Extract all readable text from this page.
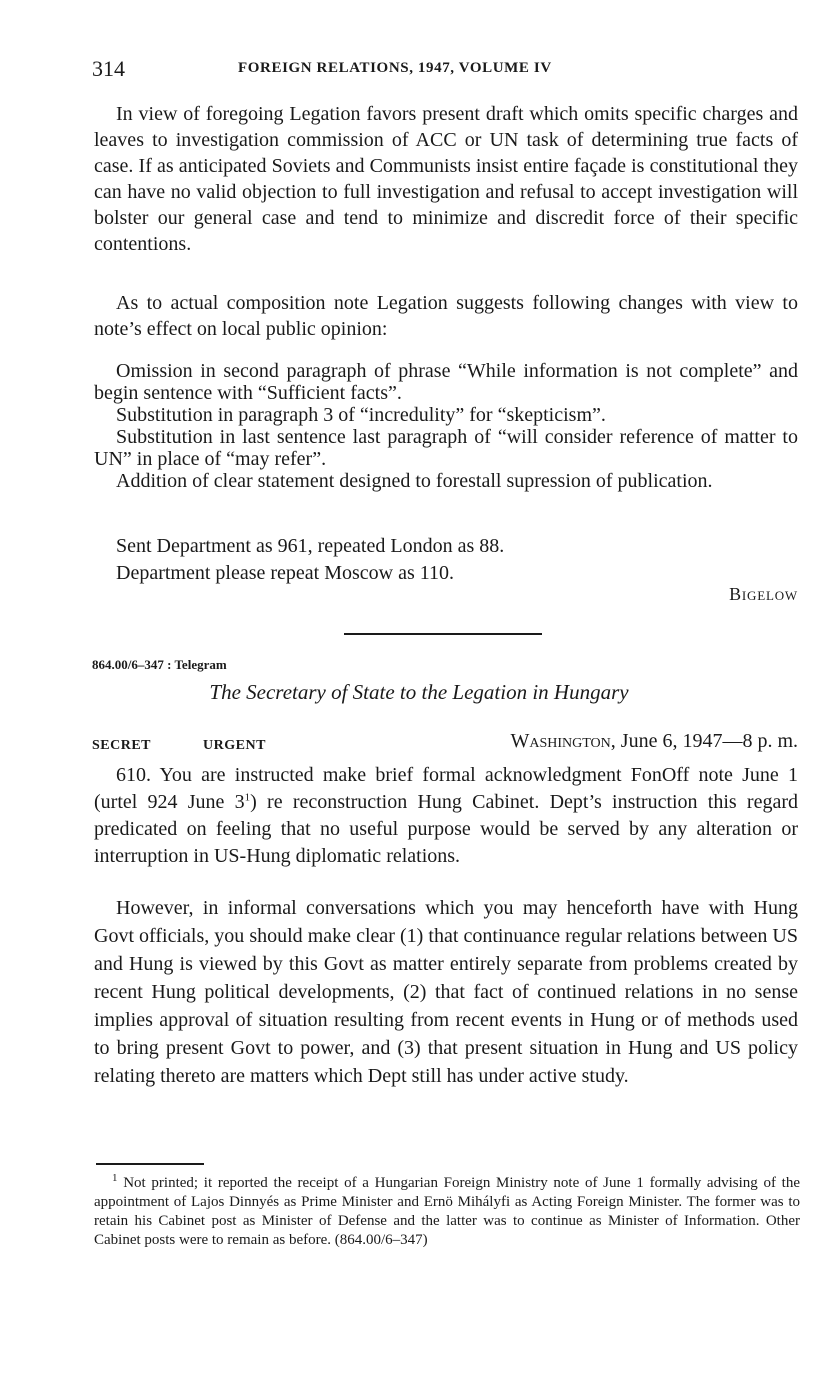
314	FOREIGN RELATIONS, 1947, VOLUME IV

In view of foregoing Legation favors present draft which omits specific charges and leaves to investigation commission of ACC or UN task of determining true facts of case. If as anticipated Soviets and Communists insist entire façade is constitutional they can have no valid objection to full investigation and refusal to accept investigation will bolster our general case and tend to minimize and discredit force of their specific contentions.

As to actual composition note Legation suggests following changes with view to note’s effect on local public opinion:

Omission in second paragraph of phrase “While information is not complete” and begin sentence with “Sufficient facts”.

Substitution in paragraph 3 of “incredulity” for “skepticism”.

Substitution in last sentence last paragraph of “will consider reference of matter to UN” in place of “may refer”.

Addition of clear statement designed to forestall supression of publication.

Sent Department as 961, repeated London as 88.

Department please repeat Moscow as 110.

Bigelow
864.00/6–347 : Telegram
The Secretary of State to the Legation in Hungary
SECRET	URGENT	Washington, June 6, 1947—8 p. m.

610. You are instructed make brief formal acknowledgment FonOff note June 1 (urtel 924 June $3^1$) re reconstruction Hung Cabinet. Dept’s instruction this regard predicated on feeling that no useful purpose would be served by any alteration or interruption in US-Hung diplomatic relations.

However, in informal conversations which you may henceforth have with Hung Govt officials, you should make clear (1) that continuance regular relations between US and Hung is viewed by this Govt as matter entirely separate from problems created by recent Hung political developments, (2) that fact of continued relations in no sense implies approval of situation resulting from recent events in Hung or of methods used to bring present Govt to power, and (3) that present situation in Hung and US policy relating thereto are matters which Dept still has under active study.

$^1$ Not printed; it reported the receipt of a Hungarian Foreign Ministry note of June 1 formally advising of the appointment of Lajos Dinnyés as Prime Minister and Ernö Mihályfi as Acting Foreign Minister. The former was to retain his Cabinet post as Minister of Defense and the latter was to continue as Minister of Information. Other Cabinet posts were to remain as before. (864.00/6–347)
